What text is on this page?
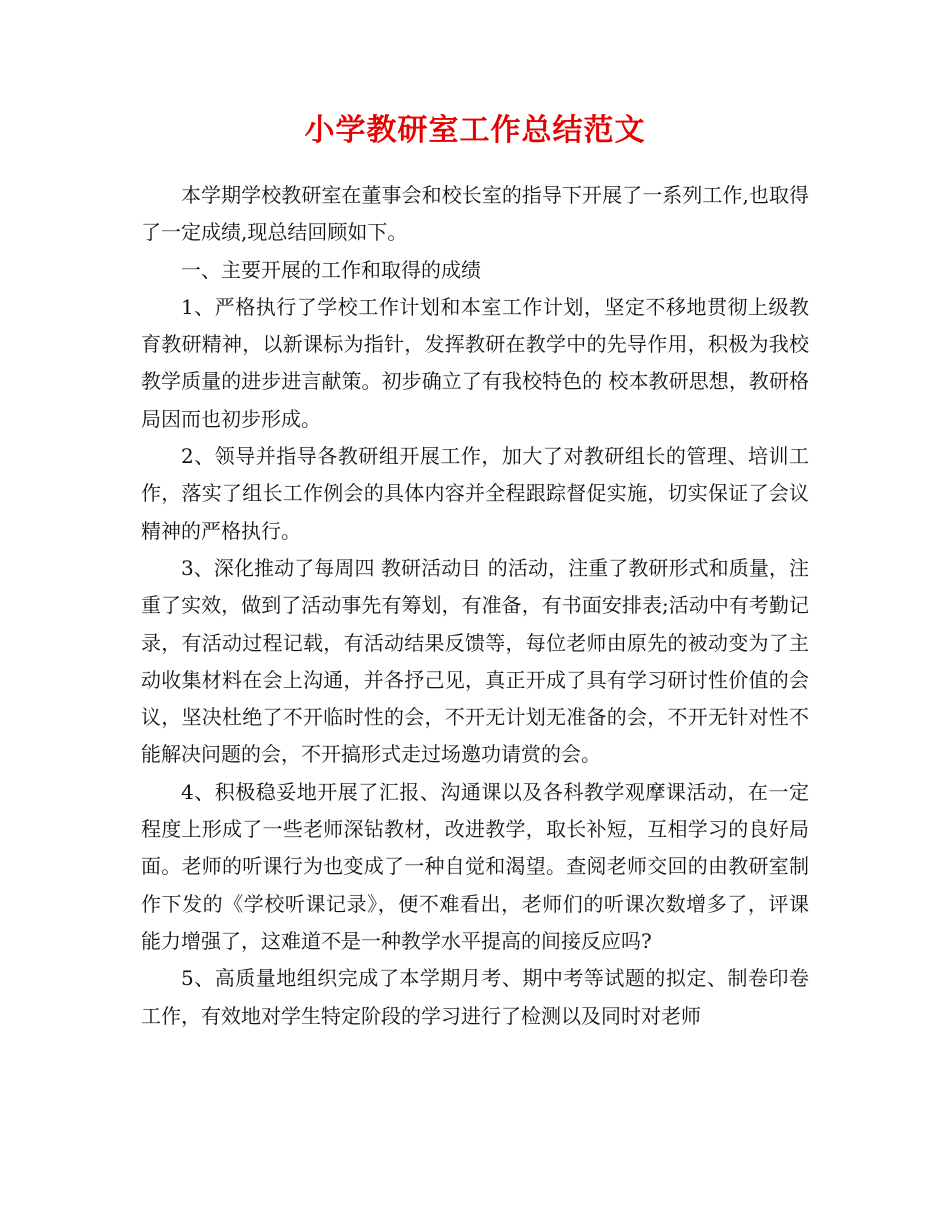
小学教研室工作总结范文

本学期学校教研室在董事会和校长室的指导下开展了一系列工作,也取得了一定成绩,现总结回顾如下。

一、主要开展的工作和取得的成绩

1、严格执行了学校工作计划和本室工作计划，坚定不移地贯彻上级教育教研精神，以新课标为指针，发挥教研在教学中的先导作用，积极为我校教学质量的进步进言献策。初步确立了有我校特色的 校本教研思想，教研格局因而也初步形成。

2、领导并指导各教研组开展工作，加大了对教研组长的管理、培训工作，落实了组长工作例会的具体内容并全程跟踪督促实施，切实保证了会议精神的严格执行。

3、深化推动了每周四 教研活动日 的活动，注重了教研形式和质量，注重了实效，做到了活动事先有筹划，有准备，有书面安排表;活动中有考勤记录，有活动过程记载，有活动结果反馈等，每位老师由原先的被动变为了主动收集材料在会上沟通，并各抒己见，真正开成了具有学习研讨性价值的会议，坚决杜绝了不开临时性的会，不开无计划无准备的会，不开无针对性不能解决问题的会，不开搞形式走过场邀功请赏的会。

4、积极稳妥地开展了汇报、沟通课以及各科教学观摩课活动，在一定程度上形成了一些老师深钻教材，改进教学，取长补短，互相学习的良好局面。老师的听课行为也变成了一种自觉和渴望。查阅老师交回的由教研室制作下发的《学校听课记录》，便不难看出，老师们的听课次数增多了，评课能力增强了，这难道不是一种教学水平提高的间接反应吗?

5、高质量地组织完成了本学期月考、期中考等试题的拟定、制卷印卷工作，有效地对学生特定阶段的学习进行了检测以及同时对老师
